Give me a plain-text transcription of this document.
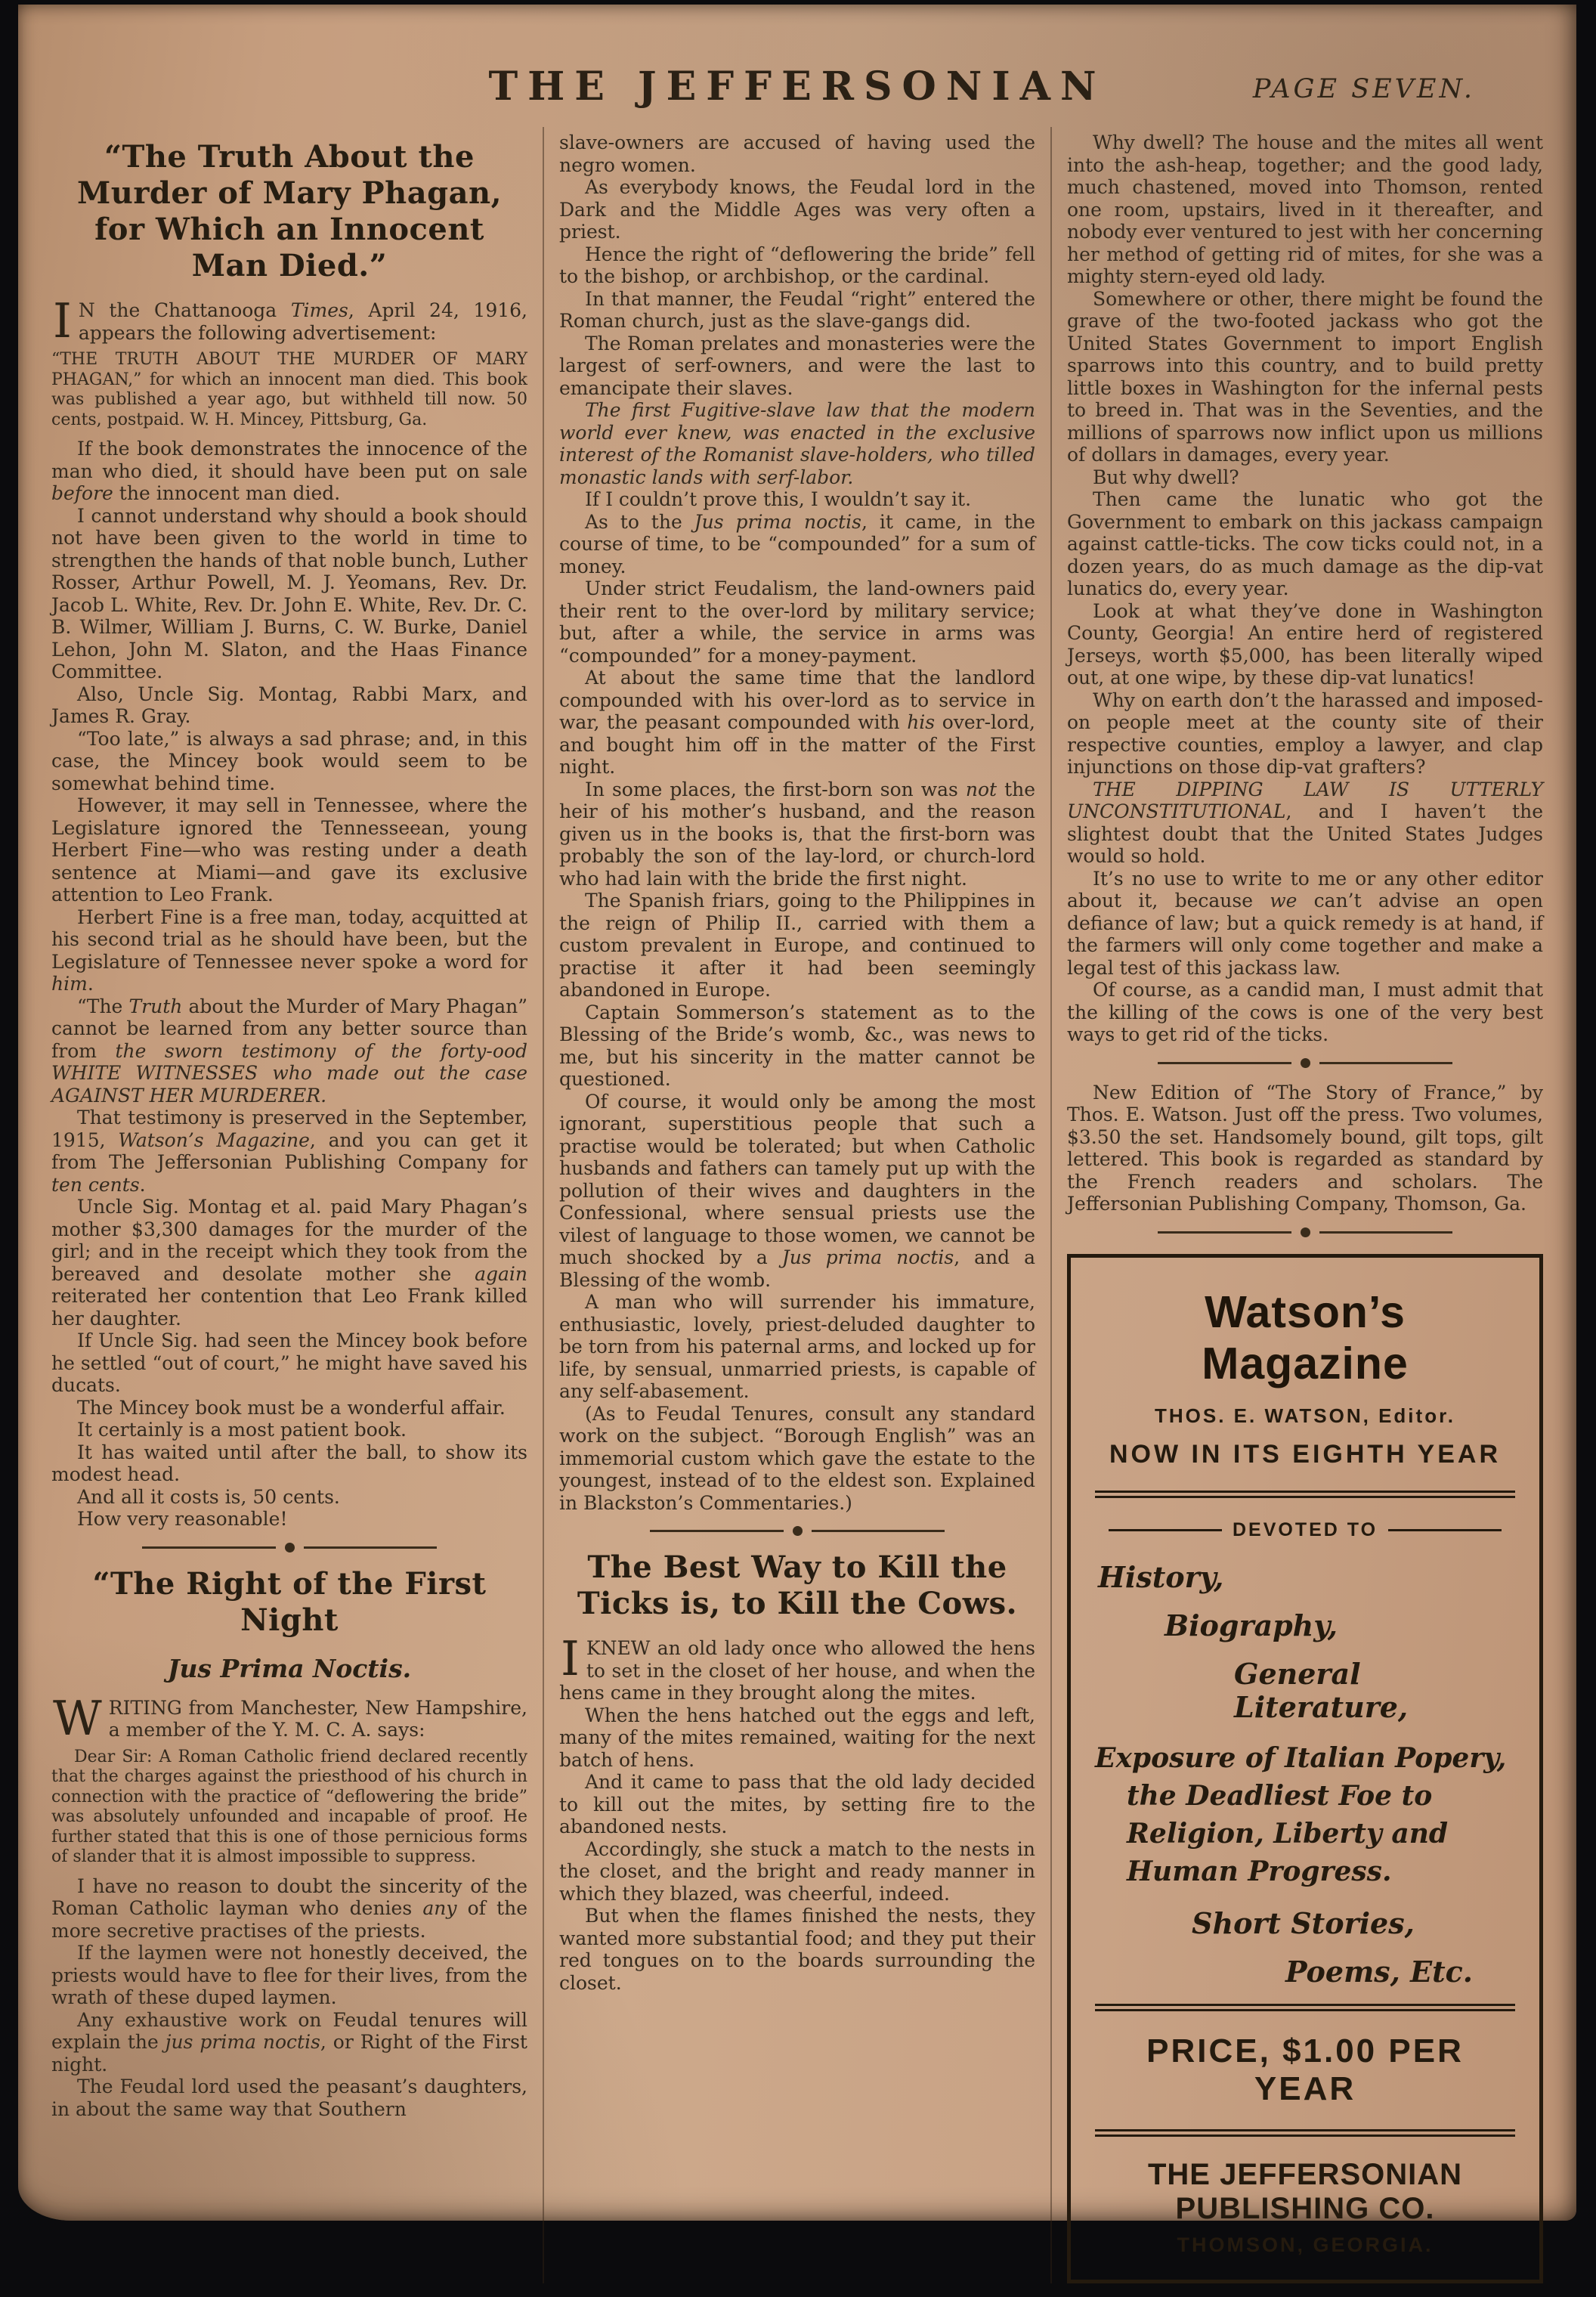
THE JEFFERSONIAN	PAGE SEVEN.
“The Truth About the Murder of Mary Phagan, for Which an Innocent Man Died.”

I N the Chattanooga Times, April 24, 1916, appears the following advertisement:

“THE TRUTH ABOUT THE MURDER OF MARY PHAGAN,” for which an innocent man died. This book was published a year ago, but withheld till now. 50 cents, postpaid. W. H. Mincey, Pittsburg, Ga.

If the book demonstrates the innocence of the man who died, it should have been put on sale before the innocent man died.

I cannot understand why should a book should not have been given to the world in time to strengthen the hands of that noble bunch, Luther Rosser, Arthur Powell, M. J. Yeomans, Rev. Dr. Jacob L. White, Rev. Dr. John E. White, Rev. Dr. C. B. Wilmer, William J. Burns, C. W. Burke, Daniel Lehon, John M. Slaton, and the Haas Finance Committee.

Also, Uncle Sig. Montag, Rabbi Marx, and James R. Gray.

“Too late,” is always a sad phrase; and, in this case, the Mincey book would seem to be somewhat behind time.

However, it may sell in Tennessee, where the Legislature ignored the Tennesseean, young Herbert Fine—who was resting under a death sentence at Miami—and gave its exclusive attention to Leo Frank.

Herbert Fine is a free man, today, acquitted at his second trial as he should have been, but the Legislature of Tennessee never spoke a word for him.

“The Truth about the Murder of Mary Phagan” cannot be learned from any better source than from the sworn testimony of the forty-ood WHITE WITNESSES who made out the case AGAINST HER MURDERER.

That testimony is preserved in the September, 1915, Watson’s Magazine, and you can get it from The Jeffersonian Publishing Company for ten cents.

Uncle Sig. Montag et al. paid Mary Phagan’s mother $3,300 damages for the murder of the girl; and in the receipt which they took from the bereaved and desolate mother she again reiterated her contention that Leo Frank killed her daughter.

If Uncle Sig. had seen the Mincey book before he settled “out of court,” he might have saved his ducats.

The Mincey book must be a wonderful affair.

It certainly is a most patient book.

It has waited until after the ball, to show its modest head.

And all it costs is, 50 cents.

How very reasonable!

“The Right of the First Night
Jus Prima Noctis.

WRITING from Manchester, New Hampshire, a member of the Y. M. C. A. says:

Dear Sir: A Roman Catholic friend declared recently that the charges against the priesthood of his church in connection with the practice of “deflowering the bride” was absolutely unfounded and incapable of proof. He further stated that this is one of those pernicious forms of slander that it is almost impossible to suppress.

I have no reason to doubt the sincerity of the Roman Catholic layman who denies any of the more secretive practises of the priests.

If the laymen were not honestly deceived, the priests would have to flee for their lives, from the wrath of these duped laymen.

Any exhaustive work on Feudal tenures will explain the jus prima noctis, or Right of the First night.

The Feudal lord used the peasant’s daughters, in about the same way that Southern

slave-owners are accused of having used the negro women.

As everybody knows, the Feudal lord in the Dark and the Middle Ages was very often a priest.

Hence the right of “deflowering the bride” fell to the bishop, or archbishop, or the cardinal.

In that manner, the Feudal “right” entered the Roman church, just as the slave-gangs did.

The Roman prelates and monasteries were the largest of serf-owners, and were the last to emancipate their slaves.

The first Fugitive-slave law that the modern world ever knew, was enacted in the exclusive interest of the Romanist slave-holders, who tilled monastic lands with serf-labor.

If I couldn’t prove this, I wouldn’t say it.

As to the Jus prima noctis, it came, in the course of time, to be “compounded” for a sum of money.

Under strict Feudalism, the land-owners paid their rent to the over-lord by military service; but, after a while, the service in arms was “compounded” for a money-payment.

At about the same time that the landlord compounded with his over-lord as to service in war, the peasant compounded with his over-lord, and bought him off in the matter of the First night.

In some places, the first-born son was not the heir of his mother’s husband, and the reason given us in the books is, that the first-born was probably the son of the lay-lord, or church-lord who had lain with the bride the first night.

The Spanish friars, going to the Philippines in the reign of Philip II., carried with them a custom prevalent in Europe, and continued to practise it after it had been seemingly abandoned in Europe.

Captain Sommerson’s statement as to the Blessing of the Bride’s womb, &c., was news to me, but his sincerity in the matter cannot be questioned.

Of course, it would only be among the most ignorant, superstitious people that such a practise would be tolerated; but when Catholic husbands and fathers can tamely put up with the pollution of their wives and daughters in the Confessional, where sensual priests use the vilest of language to those women, we cannot be much shocked by a Jus prima noctis, and a Blessing of the womb.

A man who will surrender his immature, enthusiastic, lovely, priest-deluded daughter to be torn from his paternal arms, and locked up for life, by sensual, unmarried priests, is capable of any self-abasement.

(As to Feudal Tenures, consult any standard work on the subject. “Borough English” was an immemorial custom which gave the estate to the youngest, instead of to the eldest son. Explained in Blackston’s Commentaries.)

The Best Way to Kill the Ticks is, to Kill the Cows.

I KNEW an old lady once who allowed the hens to set in the closet of her house, and when the hens came in they brought along the mites.

When the hens hatched out the eggs and left, many of the mites remained, waiting for the next batch of hens.

And it came to pass that the old lady decided to kill out the mites, by setting fire to the abandoned nests.

Accordingly, she stuck a match to the nests in the closet, and the bright and ready manner in which they blazed, was cheerful, indeed.

But when the flames finished the nests, they wanted more substantial food; and they put their red tongues on to the boards surrounding the closet.

Why dwell? The house and the mites all went into the ash-heap, together; and the good lady, much chastened, moved into Thomson, rented one room, upstairs, lived in it thereafter, and nobody ever ventured to jest with her concerning her method of getting rid of mites, for she was a mighty stern-eyed old lady.

Somewhere or other, there might be found the grave of the two-footed jackass who got the United States Government to import English sparrows into this country, and to build pretty little boxes in Washington for the infernal pests to breed in. That was in the Seventies, and the millions of sparrows now inflict upon us millions of dollars in damages, every year.

But why dwell?

Then came the lunatic who got the Government to embark on this jackass campaign against cattle-ticks. The cow ticks could not, in a dozen years, do as much damage as the dip-vat lunatics do, every year.

Look at what they’ve done in Washington County, Georgia! An entire herd of registered Jerseys, worth $5,000, has been literally wiped out, at one wipe, by these dip-vat lunatics!

Why on earth don’t the harassed and imposed-on people meet at the county site of their respective counties, employ a lawyer, and clap injunctions on those dip-vat grafters?

THE DIPPING LAW IS UTTERLY UNCONSTITUTIONAL, and I haven’t the slightest doubt that the United States Judges would so hold.

It’s no use to write to me or any other editor about it, because we can’t advise an open defiance of law; but a quick remedy is at hand, if the farmers will only come together and make a legal test of this jackass law.

Of course, as a candid man, I must admit that the killing of the cows is one of the very best ways to get rid of the ticks.

New Edition of “The Story of France,” by Thos. E. Watson. Just off the press. Two volumes, $3.50 the set. Handsomely bound, gilt tops, gilt lettered. This book is regarded as standard by the French readers and scholars. The Jeffersonian Publishing Company, Thomson, Ga.

Watson’s Magazine
THOS. E. WATSON, Editor.
NOW IN ITS EIGHTH YEAR
DEVOTED TO
History,
Biography,
General Literature,
Exposure of Italian Popery, the Deadliest Foe to Religion, Liberty and Human Progress.
Short Stories,
Poems, Etc.
PRICE, $1.00 PER YEAR
THE JEFFERSONIAN PUBLISHING CO.
THOMSON, GEORGIA.
